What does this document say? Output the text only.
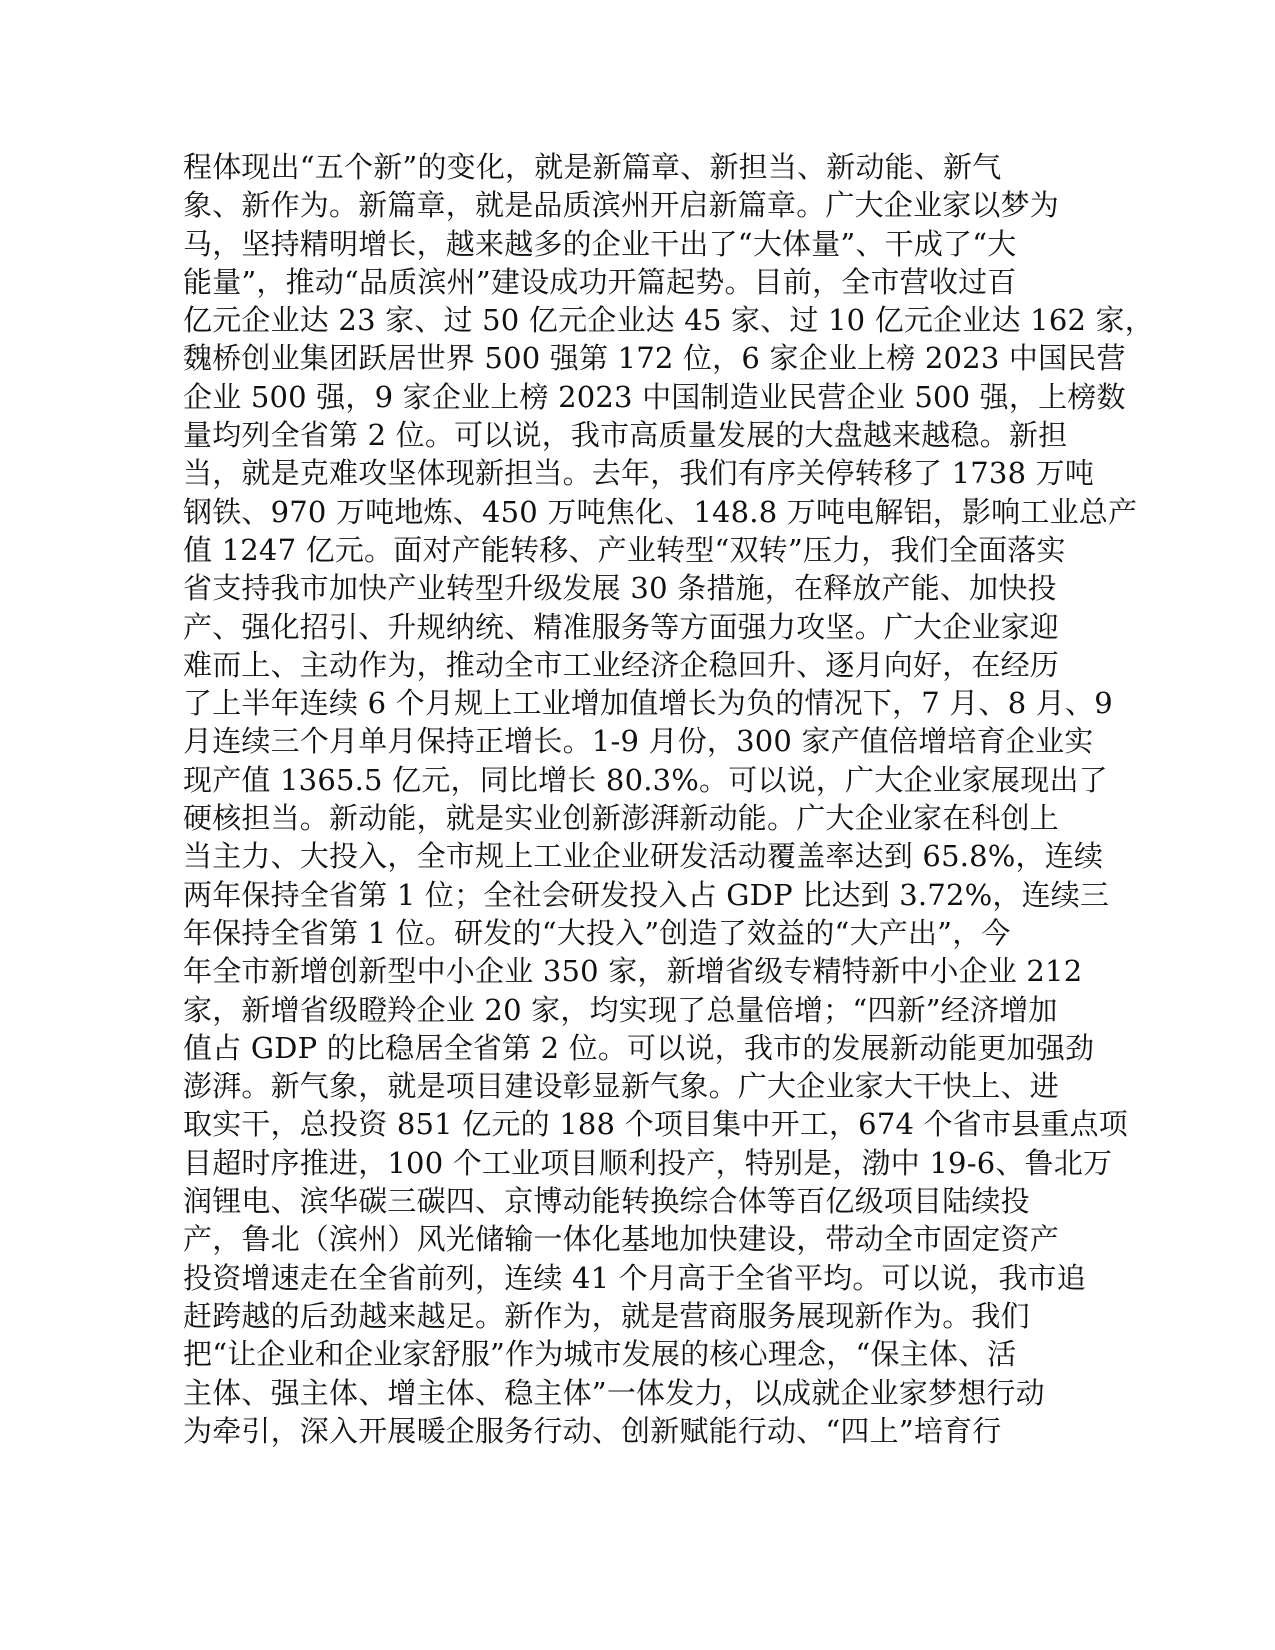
程体现出“五个新”的变化，就是新篇章、新担当、新动能、新气
象、新作为。新篇章，就是品质滨州开启新篇章。广大企业家以梦为
马，坚持精明增长，越来越多的企业干出了“大体量”、干成了“大
能量”，推动“品质滨州”建设成功开篇起势。目前，全市营收过百
亿元企业达 23 家、过 50 亿元企业达 45 家、过 10 亿元企业达 162 家，
魏桥创业集团跃居世界 500 强第 172 位，6 家企业上榜 2023 中国民营
企业 500 强，9 家企业上榜 2023 中国制造业民营企业 500 强，上榜数
量均列全省第 2 位。可以说，我市高质量发展的大盘越来越稳。新担
当，就是克难攻坚体现新担当。去年，我们有序关停转移了 1738 万吨
钢铁、970 万吨地炼、450 万吨焦化、148.8 万吨电解铝，影响工业总产
值 1247 亿元。面对产能转移、产业转型“双转”压力，我们全面落实
省支持我市加快产业转型升级发展 30 条措施，在释放产能、加快投
产、强化招引、升规纳统、精准服务等方面强力攻坚。广大企业家迎
难而上、主动作为，推动全市工业经济企稳回升、逐月向好，在经历
了上半年连续 6 个月规上工业增加值增长为负的情况下，7 月、8 月、9
月连续三个月单月保持正增长。1-9 月份，300 家产值倍增培育企业实
现产值 1365.5 亿元，同比增长 80.3%。可以说，广大企业家展现出了
硬核担当。新动能，就是实业创新澎湃新动能。广大企业家在科创上
当主力、大投入，全市规上工业企业研发活动覆盖率达到 65.8%，连续
两年保持全省第 1 位；全社会研发投入占 GDP 比达到 3.72%，连续三
年保持全省第 1 位。研发的“大投入”创造了效益的“大产出”，今
年全市新增创新型中小企业 350 家，新增省级专精特新中小企业 212
家，新增省级瞪羚企业 20 家，均实现了总量倍增；“四新”经济增加
值占 GDP 的比稳居全省第 2 位。可以说，我市的发展新动能更加强劲
澎湃。新气象，就是项目建设彰显新气象。广大企业家大干快上、进
取实干，总投资 851 亿元的 188 个项目集中开工，674 个省市县重点项
目超时序推进，100 个工业项目顺利投产，特别是，渤中 19-6、鲁北万
润锂电、滨华碳三碳四、京博动能转换综合体等百亿级项目陆续投
产，鲁北（滨州）风光储输一体化基地加快建设，带动全市固定资产
投资增速走在全省前列，连续 41 个月高于全省平均。可以说，我市追
赶跨越的后劲越来越足。新作为，就是营商服务展现新作为。我们
把“让企业和企业家舒服”作为城市发展的核心理念，“保主体、活
主体、强主体、增主体、稳主体”一体发力，以成就企业家梦想行动
为牵引，深入开展暖企服务行动、创新赋能行动、“四上”培育行
